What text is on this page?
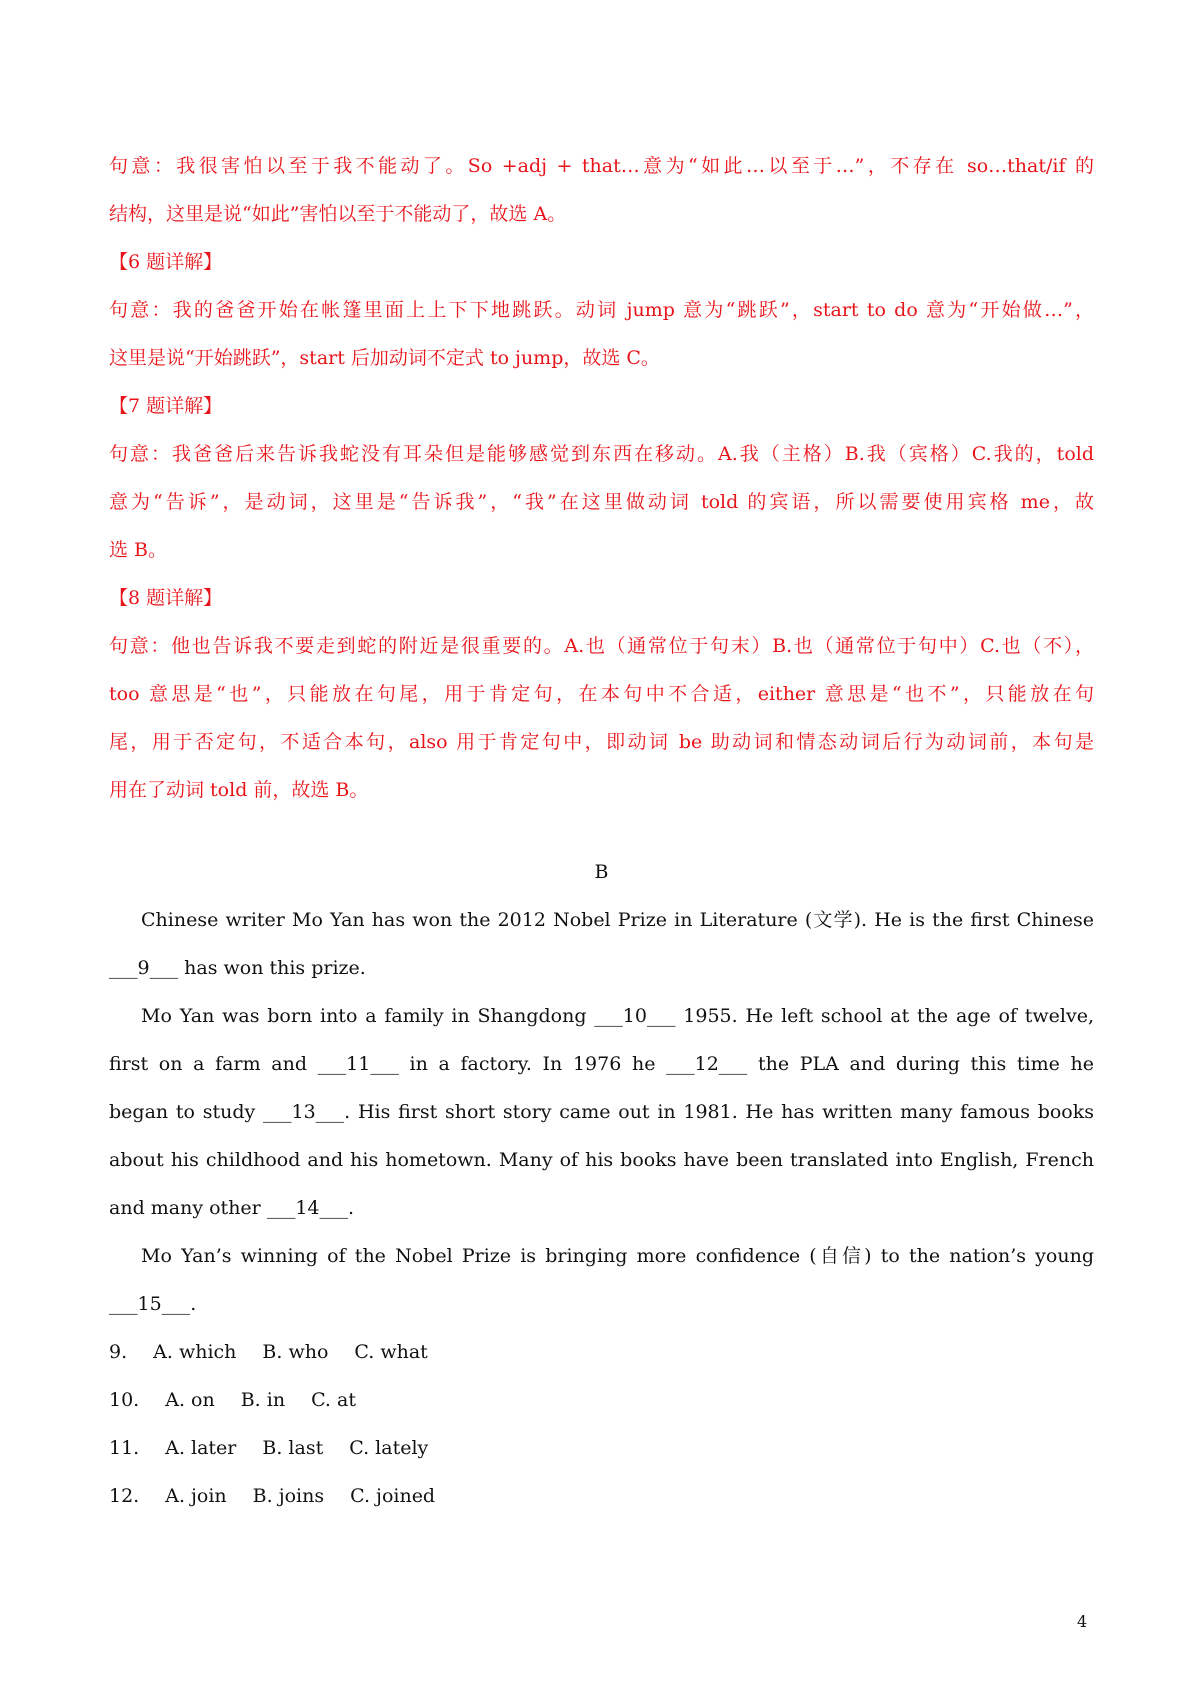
句意：我很害怕以至于我不能动了。So +adj + that…意为“如此…以至于…”，不存在 so…that/if 的

结构，这里是说“如此”害怕以至于不能动了，故选 A。

【6 题详解】

句意：我的爸爸开始在帐篷里面上上下下地跳跃。动词 jump 意为“跳跃”，start to do 意为“开始做…”，

这里是说“开始跳跃”，start 后加动词不定式 to jump，故选 C。

【7 题详解】

句意：我爸爸后来告诉我蛇没有耳朵但是能够感觉到东西在移动。A.我（主格）B.我（宾格）C.我的，told

意为“告诉”，是动词，这里是“告诉我”，“我”在这里做动词 told 的宾语，所以需要使用宾格 me，故

选 B。

【8 题详解】

句意：他也告诉我不要走到蛇的附近是很重要的。A.也（通常位于句末）B.也（通常位于句中）C.也（不），

too 意思是“也”，只能放在句尾，用于肯定句，在本句中不合适，either 意思是“也不”，只能放在句

尾，用于否定句，不适合本句，also 用于肯定句中，即动词 be 助动词和情态动词后行为动词前，本句是

用在了动词 told 前，故选 B。

B

Chinese writer Mo Yan has won the 2012 Nobel Prize in Literature (文学). He is the first Chinese

___9___ has won this prize.

Mo Yan was born into a family in Shangdong ___10___ 1955. He left school at the age of twelve,

first on a farm and ___11___ in a factory. In 1976 he ___12___ the PLA and during this time he

began to study ___13___. His first short story came out in 1981. He has written many famous books

about his childhood and his hometown. Many of his books have been translated into English, French

and many other ___14___.

Mo Yan’s winning of the Nobel Prize is bringing more confidence (自信) to the nation’s young

___15___.

9. A. which B. who C. what

10. A. on B. in C. at

11. A. later B. last C. lately

12. A. join B. joins C. joined

4
